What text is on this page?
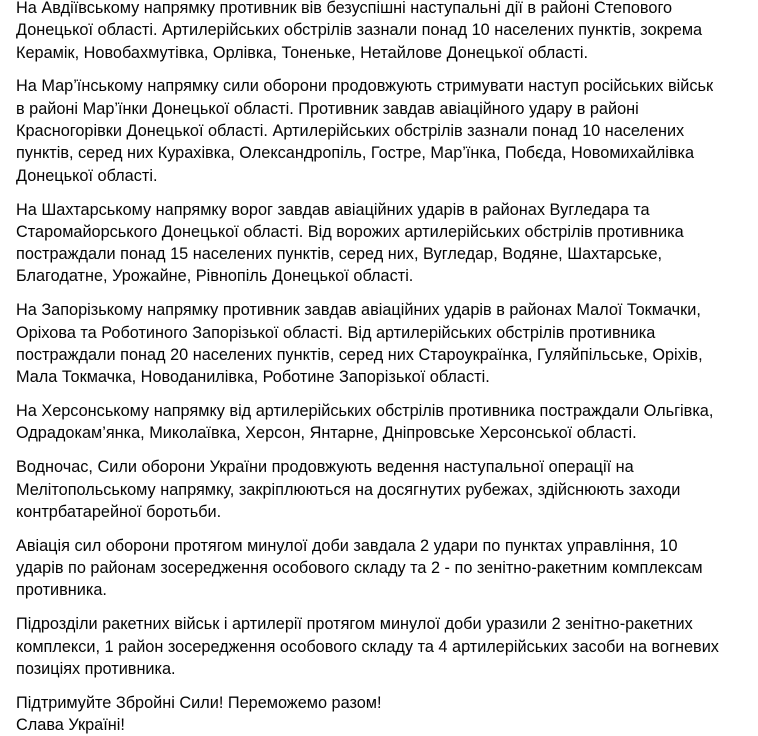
На Авдіївському напрямку противник вів безуспішні наступальні дії в районі Степового
Донецької області. Артилерійських обстрілів зазнали понад 10 населених пунктів, зокрема
Керамік, Новобахмутівка, Орлівка, Тоненьке, Нетайлове Донецької області.

На Мар’їнському напрямку сили оборони продовжують стримувати наступ російських військ
в районі Мар’їнки Донецької області. Противник завдав авіаційного удару в районі
Красногорівки Донецької області. Артилерійських обстрілів зазнали понад 10 населених
пунктів, серед них Курахівка, Олександропіль, Гостре, Мар’їнка, Побєда, Новомихайлівка
Донецької області.

На Шахтарському напрямку ворог завдав авіаційних ударів в районах Вугледара та
Старомайорського Донецької області. Від ворожих артилерійських обстрілів противника
постраждали понад 15 населених пунктів, серед них, Вугледар, Водяне, Шахтарське,
Благодатне, Урожайне, Рівнопіль Донецької області.

На Запорізькому напрямку противник завдав авіаційних ударів в районах Малої Токмачки,
Орiхова та Роботиного Запорізької області. Від артилерійських обстрілів противника
постраждали понад 20 населених пунктів, серед них Староукраїнка, Гуляйпільське, Оріхів,
Мала Токмачка, Новоданилівка, Роботине Запорізької області.

На Херсонському напрямку від артилерійських обстрілів противника постраждали Ольгівка,
Одрадокам’янка, Миколаївка, Херсон, Янтарне, Дніпровське Херсонської області.

Водночас, Сили оборони України продовжують ведення наступальної операції на
Мелітопольському напрямку, закріплюються на досягнутих рубежах, здійснюють заходи
контрбатарейної боротьби.

Авіація сил оборони протягом минулої доби завдала 2 удари по пунктах управління, 10
ударів по районам зосередження особового складу та 2 - по зенітно-ракетним комплексам
противника.

Підрозділи ракетних військ і артилерії протягом минулої доби уразили 2 зенітно-ракетних
комплекси, 1 район зосередження особового складу та 4 артилерійських засоби на вогневих
позиціях противника.

Підтримуйте Збройні Сили! Переможемо разом!
Слава Україні!
